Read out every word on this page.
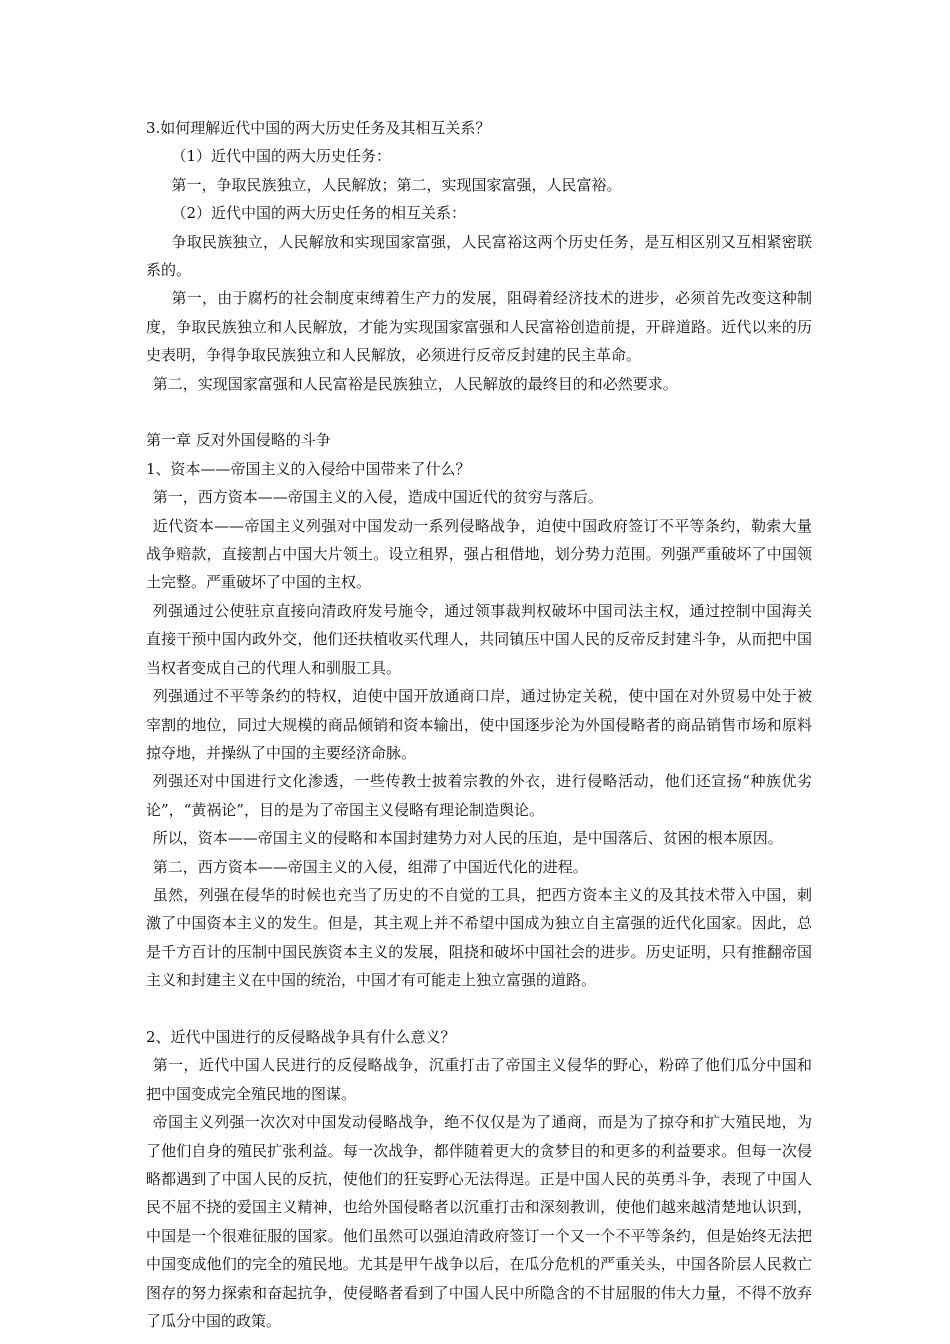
3.如何理解近代中国的两大历史任务及其相互关系？

（1）近代中国的两大历史任务：

第一，争取民族独立，人民解放；第二，实现国家富强，人民富裕。

（2）近代中国的两大历史任务的相互关系：

争取民族独立，人民解放和实现国家富强，人民富裕这两个历史任务，是互相区别又互相紧密联系的。

第一，由于腐朽的社会制度束缚着生产力的发展，阻碍着经济技术的进步，必须首先改变这种制度，争取民族独立和人民解放，才能为实现国家富强和人民富裕创造前提，开辟道路。近代以来的历史表明，争得争取民族独立和人民解放，必须进行反帝反封建的民主革命。

第二，实现国家富强和人民富裕是民族独立，人民解放的最终目的和必然要求。

第一章 反对外国侵略的斗争

1、资本——帝国主义的入侵给中国带来了什么？

第一，西方资本——帝国主义的入侵，造成中国近代的贫穷与落后。

近代资本——帝国主义列强对中国发动一系列侵略战争，迫使中国政府签订不平等条约，勒索大量战争赔款，直接割占中国大片领土。设立租界，强占租借地，划分势力范围。列强严重破坏了中国领土完整。严重破坏了中国的主权。

列强通过公使驻京直接向清政府发号施令，通过领事裁判权破坏中国司法主权，通过控制中国海关直接干预中国内政外交，他们还扶植收买代理人，共同镇压中国人民的反帝反封建斗争，从而把中国当权者变成自己的代理人和驯服工具。

列强通过不平等条约的特权，迫使中国开放通商口岸，通过协定关税，使中国在对外贸易中处于被宰割的地位，同过大规模的商品倾销和资本输出，使中国逐步沦为外国侵略者的商品销售市场和原料掠夺地，并操纵了中国的主要经济命脉。

列强还对中国进行文化渗透，一些传教士披着宗教的外衣，进行侵略活动，他们还宣扬“种族优劣论”，“黄祸论”，目的是为了帝国主义侵略有理论制造舆论。

所以，资本——帝国主义的侵略和本国封建势力对人民的压迫，是中国落后、贫困的根本原因。

第二，西方资本——帝国主义的入侵，组滞了中国近代化的进程。

虽然，列强在侵华的时候也充当了历史的不自觉的工具，把西方资本主义的及其技术带入中国，刺激了中国资本主义的发生。但是，其主观上并不希望中国成为独立自主富强的近代化国家。因此，总是千方百计的压制中国民族资本主义的发展，阻挠和破坏中国社会的进步。历史证明，只有推翻帝国主义和封建主义在中国的统治，中国才有可能走上独立富强的道路。

2、近代中国进行的反侵略战争具有什么意义？

第一，近代中国人民进行的反侵略战争，沉重打击了帝国主义侵华的野心，粉碎了他们瓜分中国和把中国变成完全殖民地的图谋。

帝国主义列强一次次对中国发动侵略战争，绝不仅仅是为了通商，而是为了掠夺和扩大殖民地，为了他们自身的殖民扩张利益。每一次战争，都伴随着更大的贪梦目的和更多的利益要求。但每一次侵略都遇到了中国人民的反抗，使他们的狂妄野心无法得逞。正是中国人民的英勇斗争，表现了中国人民不屈不挠的爱国主义精神，也给外国侵略者以沉重打击和深刻教训，使他们越来越清楚地认识到，中国是一个很难征服的国家。他们虽然可以强迫清政府签订一个又一个不平等条约，但是始终无法把中国变成他们的完全的殖民地。尤其是甲午战争以后，在瓜分危机的严重关头，中国各阶层人民救亡图存的努力探索和奋起抗争，使侵略者看到了中国人民中所隐含的不甘屈服的伟大力量，不得不放弃了瓜分中国的政策。
